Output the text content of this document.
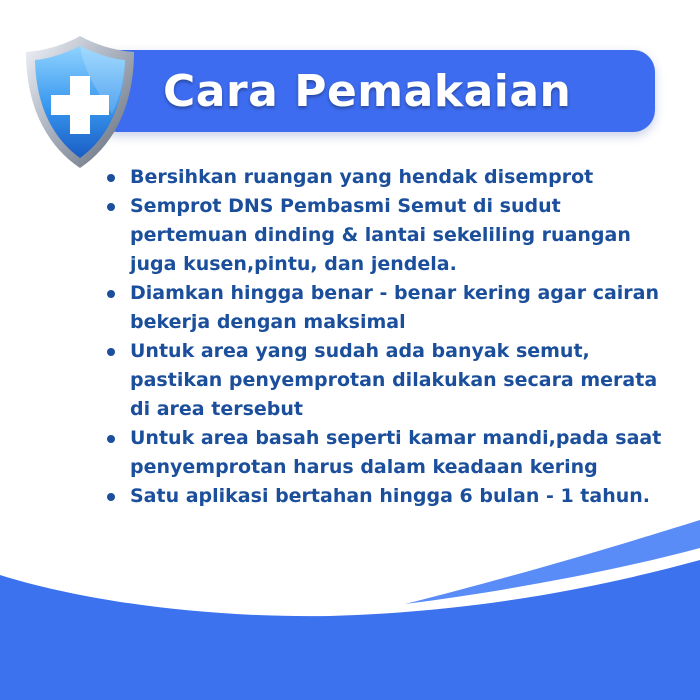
Cara Pemakaian
Bersihkan ruangan yang hendak disemprot
Semprot DNS Pembasmi Semut di sudut pertemuan dinding & lantai sekeliling ruangan juga kusen,pintu, dan jendela.
Diamkan hingga benar - benar kering agar cairan bekerja dengan maksimal
Untuk area yang sudah ada banyak semut, pastikan penyemprotan dilakukan secara merata di area tersebut
Untuk area basah seperti kamar mandi,pada saat penyemprotan harus dalam keadaan kering
Satu aplikasi bertahan hingga 6 bulan - 1 tahun.
